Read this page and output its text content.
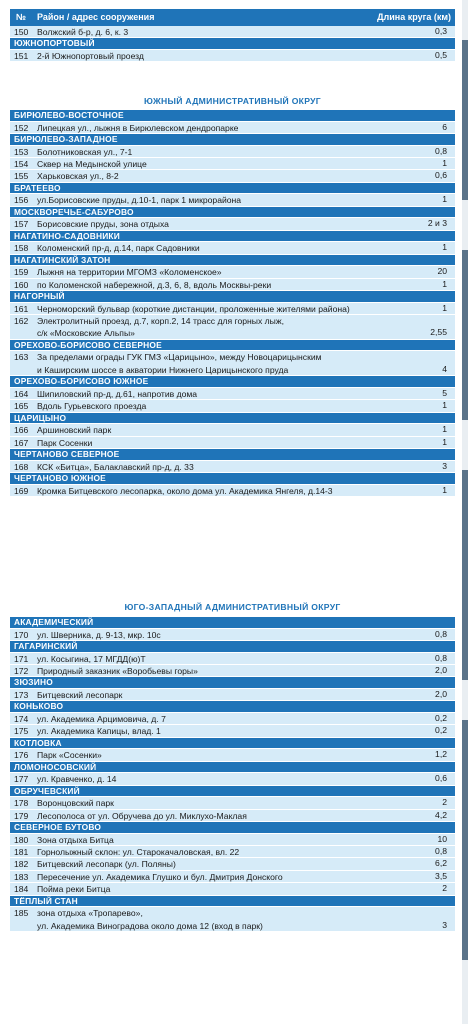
№	Район / адрес сооружения	Длина круга (км)
150	Волжский б-р, д. 6, к. 3	0,3
ЮЖНОПОРТОВЫЙ
151	2-й Южнопортовый проезд	0,5
ЮЖНЫЙ АДМИНИСТРАТИВНЫЙ ОКРУГ
БИРЮЛЕВО-ВОСТОЧНОЕ
152	Липецкая ул., лыжня в Бирюлевском дендропарке	6
БИРЮЛЕВО-ЗАПАДНОЕ
153	Болотниковская ул., 7-1	0,8
154	Сквер на Медынской улице	1
155	Харьковская ул., 8-2	0,6
БРАТЕЕВО
156	ул.Борисовские пруды, д.10-1, парк 1 микрорайона	1
МОСКВОРЕЧЬЕ-САБУРОВО
157	Борисовские пруды, зона отдыха	2 и 3
НАГАТИНО-САДОВНИКИ
158	Коломенский пр-д, д.14, парк Садовники	1
НАГАТИНСКИЙ ЗАТОН
159	Лыжня на территории МГОМЗ «Коломенское»	20
160	по Коломенской набережной, д.3, 6, 8, вдоль Москвы-реки	1
НАГОРНЫЙ
161	Черноморский бульвар (короткие дистанции, проложенные жителями района)	1
162	Электролитный проезд, д.7, корп.2, 14 трасс для горных лыж,
с/к «Московские Альпы»	2,55
ОРЕХОВО-БОРИСОВО СЕВЕРНОЕ
163	За пределами ограды ГУК ГМЗ «Царицыно», между Новоцарицынским
и Каширским шоссе в акватории Нижнего Царицынского пруда	4
ОРЕХОВО-БОРИСОВО ЮЖНОЕ
164	Шипиловский пр-д, д.61, напротив дома	5
165	Вдоль Гурьевского проезда	1
ЦАРИЦЫНО
166	Аршиновский парк	1
167	Парк Сосенки	1
ЧЕРТАНОВО СЕВЕРНОЕ
168	КСК «Битца», Балаклавский пр-д, д. 33	3
ЧЕРТАНОВО ЮЖНОЕ
169	Кромка Битцевского лесопарка, около дома ул. Академика Янгеля, д.14-3	1
ЮГО-ЗАПАДНЫЙ АДМИНИСТРАТИВНЫЙ ОКРУГ
АКАДЕМИЧЕСКИЙ
170	ул. Шверника, д. 9-13, мкр. 10с	0,8
ГАГАРИНСКИЙ
171	ул. Косыгина, 17 МГДД(ю)Т	0,8
172	Природный заказник «Воробьевы горы»	2,0
ЗЮЗИНО
173	Битцевский лесопарк	2,0
КОНЬКОВО
174	ул. Академика Арцимовича, д. 7	0,2
175	ул. Академика Капицы, влад. 1	0,2
КОТЛОВКА
176	Парк «Сосенки»	1,2
ЛОМОНОСОВСКИЙ
177	ул. Кравченко, д. 14	0,6
ОБРУЧЕВСКИЙ
178	Воронцовский парк	2
179	Лесополоса от ул. Обручева до ул. Миклухо-Маклая	4,2
СЕВЕРНОЕ БУТОВО
180	Зона отдыха Битца	10
181	Горнолыжный склон: ул. Старокачаловская, вл. 22	0,8
182	Битцевский лесопарк (ул. Поляны)	6,2
183	Пересечение ул. Академика Глушко и бул. Дмитрия Донского	3,5
184	Пойма реки Битца	2
ТЁПЛЫЙ СТАН
185	зона отдыха «Тропарево»,
ул. Академика Виноградова около дома 12 (вход в парк)	3
